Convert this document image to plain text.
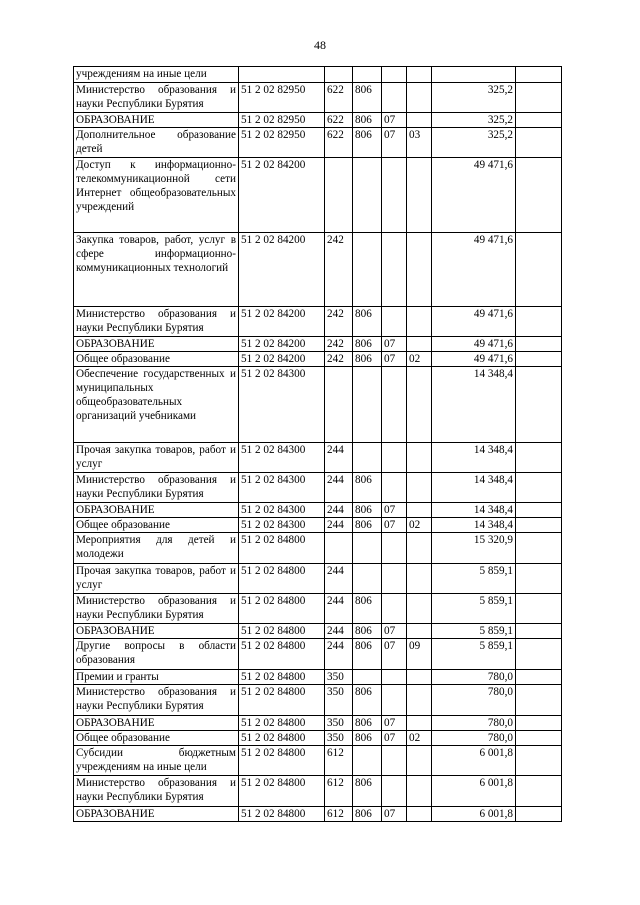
48
учреждениям на иные цели							
Министерство образования и науки Республики Бурятия	51 2 02 82950	622	806			325,2	
ОБРАЗОВАНИЕ	51 2 02 82950	622	806	07		325,2	
Дополнительное образование детей	51 2 02 82950	622	806	07	03	325,2	
Доступ к информационно-телекоммуникационной сети Интернет общеобразовательных учреждений	51 2 02 84200					49 471,6	
Закупка товаров, работ, услуг в сфере информационно-коммуникационных технологий	51 2 02 84200	242				49 471,6	
Министерство образования и науки Республики Бурятия	51 2 02 84200	242	806			49 471,6	
ОБРАЗОВАНИЕ	51 2 02 84200	242	806	07		49 471,6	
Общее образование	51 2 02 84200	242	806	07	02	49 471,6	
Обеспечение государственных и муниципальных общеобразовательных организаций учебниками	51 2 02 84300					14 348,4	
Прочая закупка товаров, работ и услуг	51 2 02 84300	244				14 348,4	
Министерство образования и науки Республики Бурятия	51 2 02 84300	244	806			14 348,4	
ОБРАЗОВАНИЕ	51 2 02 84300	244	806	07		14 348,4	
Общее образование	51 2 02 84300	244	806	07	02	14 348,4	
Мероприятия для детей и молодежи	51 2 02 84800					15 320,9	
Прочая закупка товаров, работ и услуг	51 2 02 84800	244				5 859,1	
Министерство образования и науки Республики Бурятия	51 2 02 84800	244	806			5 859,1	
ОБРАЗОВАНИЕ	51 2 02 84800	244	806	07		5 859,1	
Другие вопросы в области образования	51 2 02 84800	244	806	07	09	5 859,1	
Премии и гранты	51 2 02 84800	350				780,0	
Министерство образования и науки Республики Бурятия	51 2 02 84800	350	806			780,0	
ОБРАЗОВАНИЕ	51 2 02 84800	350	806	07		780,0	
Общее образование	51 2 02 84800	350	806	07	02	780,0	
Субсидии бюджетным учреждениям на иные цели	51 2 02 84800	612				6 001,8	
Министерство образования и науки Республики Бурятия	51 2 02 84800	612	806			6 001,8	
ОБРАЗОВАНИЕ	51 2 02 84800	612	806	07		6 001,8	
